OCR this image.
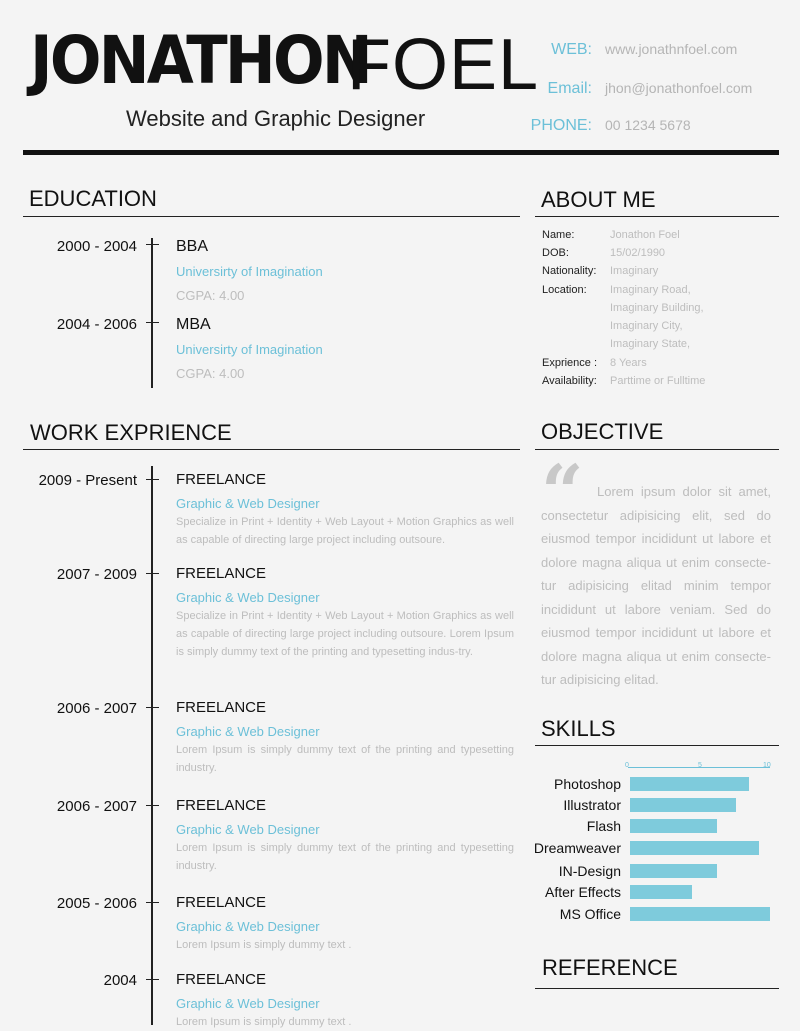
JONATHON
FOEL
Website and Graphic Designer
WEB: www.jonathnfoel.com
Email: jhon@jonathonfoel.com
PHONE: 00 1234 5678
EDUCATION
2000 - 2004 BBA
Universirty of Imagination
CGPA: 4.00
2004 - 2006 MBA
Universirty of Imagination
CGPA: 4.00
WORK EXPRIENCE
2009 - Present	FREELANCE
Graphic & Web Designer
Specialize in Print + Identity + Web Layout + Motion Graphics as well as capable of directing large project including outsoure.
2007 - 2009	FREELANCE
Graphic & Web Designer
Specialize in Print + Identity + Web Layout + Motion Graphics as well as capable of directing large project including outsoure. Lorem Ipsum is simply dummy text of the printing and typesetting indus-try.
2006 - 2007	FREELANCE
Graphic & Web Designer
Lorem Ipsum is simply dummy text of the printing and typesetting industry.
2006 - 2007	FREELANCE
Graphic & Web Designer
Lorem Ipsum is simply dummy text of the printing and typesetting industry.
2005 - 2006	FREELANCE
Graphic & Web Designer
Lorem Ipsum is simply dummy text .
2004	FREELANCE
Graphic & Web Designer
Lorem Ipsum is simply dummy text .
ABOUT ME
Name:	Jonathon Foel
DOB:	15/02/1990
Nationality: Imaginary
Location: Imaginary Road,
Imaginary Building,
Imaginary City,
Imaginary State,
Exprience : 8 Years
Availability: Parttime or Fulltime
OBJECTIVE
“	Lorem ipsum dolor sit amet, consectetur adipisicing elit, sed do eiusmod tempor incididunt ut labore et dolore magna aliqua ut enim consecte-tur adipisicing elitad minim tempor incididunt ut labore veniam. Sed do eiusmod tempor incididunt ut labore et dolore magna aliqua ut enim consecte-tur adipisicing elitad.
SKILLS
0	5	10
Photoshop
Illustrator
Flash
Dreamweaver
IN-Design
After Effects
MS Office
REFERENCE
